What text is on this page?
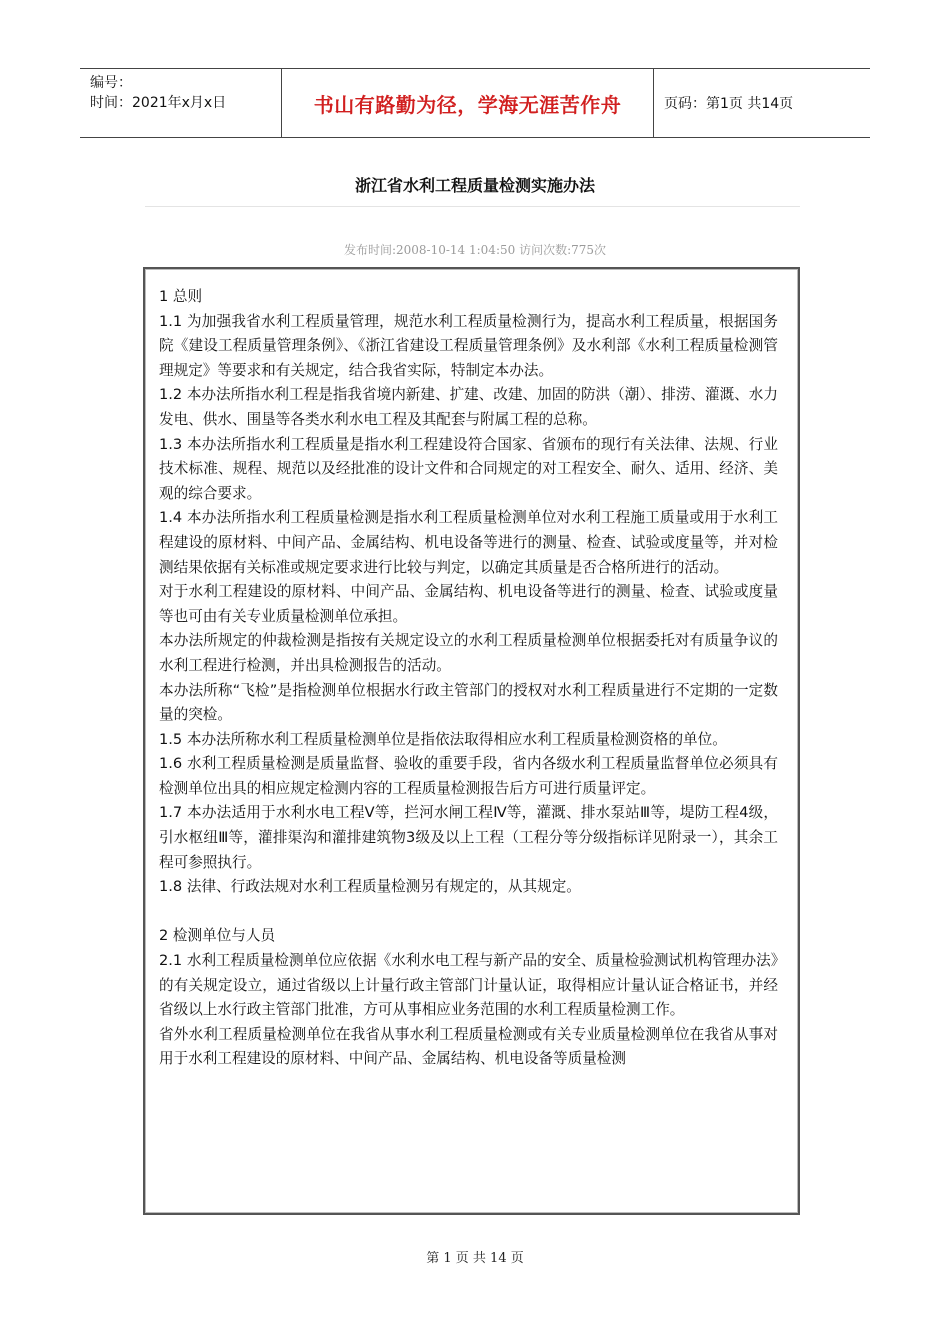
编号：
时间：2021年x月x日	书山有路勤为径，学海无涯苦作舟	页码：第1页 共14页
浙江省水利工程质量检测实施办法
发布时间:2008-10-14 1:04:50 访问次数:775次

1 总则

1.1 为加强我省水利工程质量管理，规范水利工程质量检测行为，提高水利工程质量，根据国务院《建设工程质量管理条例》、《浙江省建设工程质量管理条例》及水利部《水利工程质量检测管理规定》等要求和有关规定，结合我省实际，特制定本办法。

1.2 本办法所指水利工程是指我省境内新建、扩建、改建、加固的防洪（潮）、排涝、灌溉、水力发电、供水、围垦等各类水利水电工程及其配套与附属工程的总称。

1.3 本办法所指水利工程质量是指水利工程建设符合国家、省颁布的现行有关法律、法规、行业技术标准、规程、规范以及经批准的设计文件和合同规定的对工程安全、耐久、适用、经济、美观的综合要求。

1.4 本办法所指水利工程质量检测是指水利工程质量检测单位对水利工程施工质量或用于水利工程建设的原材料、中间产品、金属结构、机电设备等进行的测量、检查、试验或度量等，并对检测结果依据有关标准或规定要求进行比较与判定，以确定其质量是否合格所进行的活动。

对于水利工程建设的原材料、中间产品、金属结构、机电设备等进行的测量、检查、试验或度量等也可由有关专业质量检测单位承担。

本办法所规定的仲裁检测是指按有关规定设立的水利工程质量检测单位根据委托对有质量争议的水利工程进行检测，并出具检测报告的活动。

本办法所称“飞检”是指检测单位根据水行政主管部门的授权对水利工程质量进行不定期的一定数量的突检。

1.5 本办法所称水利工程质量检测单位是指依法取得相应水利工程质量检测资格的单位。

1.6 水利工程质量检测是质量监督、验收的重要手段，省内各级水利工程质量监督单位必须具有检测单位出具的相应规定检测内容的工程质量检测报告后方可进行质量评定。

1.7 本办法适用于水利水电工程Ⅴ等，拦河水闸工程Ⅳ等，灌溉、排水泵站Ⅲ等，堤防工程4级，引水枢纽Ⅲ等，灌排渠沟和灌排建筑物3级及以上工程（工程分等分级指标详见附录一），其余工程可参照执行。

1.8 法律、行政法规对水利工程质量检测另有规定的，从其规定。

2 检测单位与人员

2.1 水利工程质量检测单位应依据《水利水电工程与新产品的安全、质量检验测试机构管理办法》的有关规定设立，通过省级以上计量行政主管部门计量认证，取得相应计量认证合格证书，并经省级以上水行政主管部门批准，方可从事相应业务范围的水利工程质量检测工作。

省外水利工程质量检测单位在我省从事水利工程质量检测或有关专业质量检测单位在我省从事对用于水利工程建设的原材料、中间产品、金属结构、机电设备等质量检测

第 1 页 共 14 页
